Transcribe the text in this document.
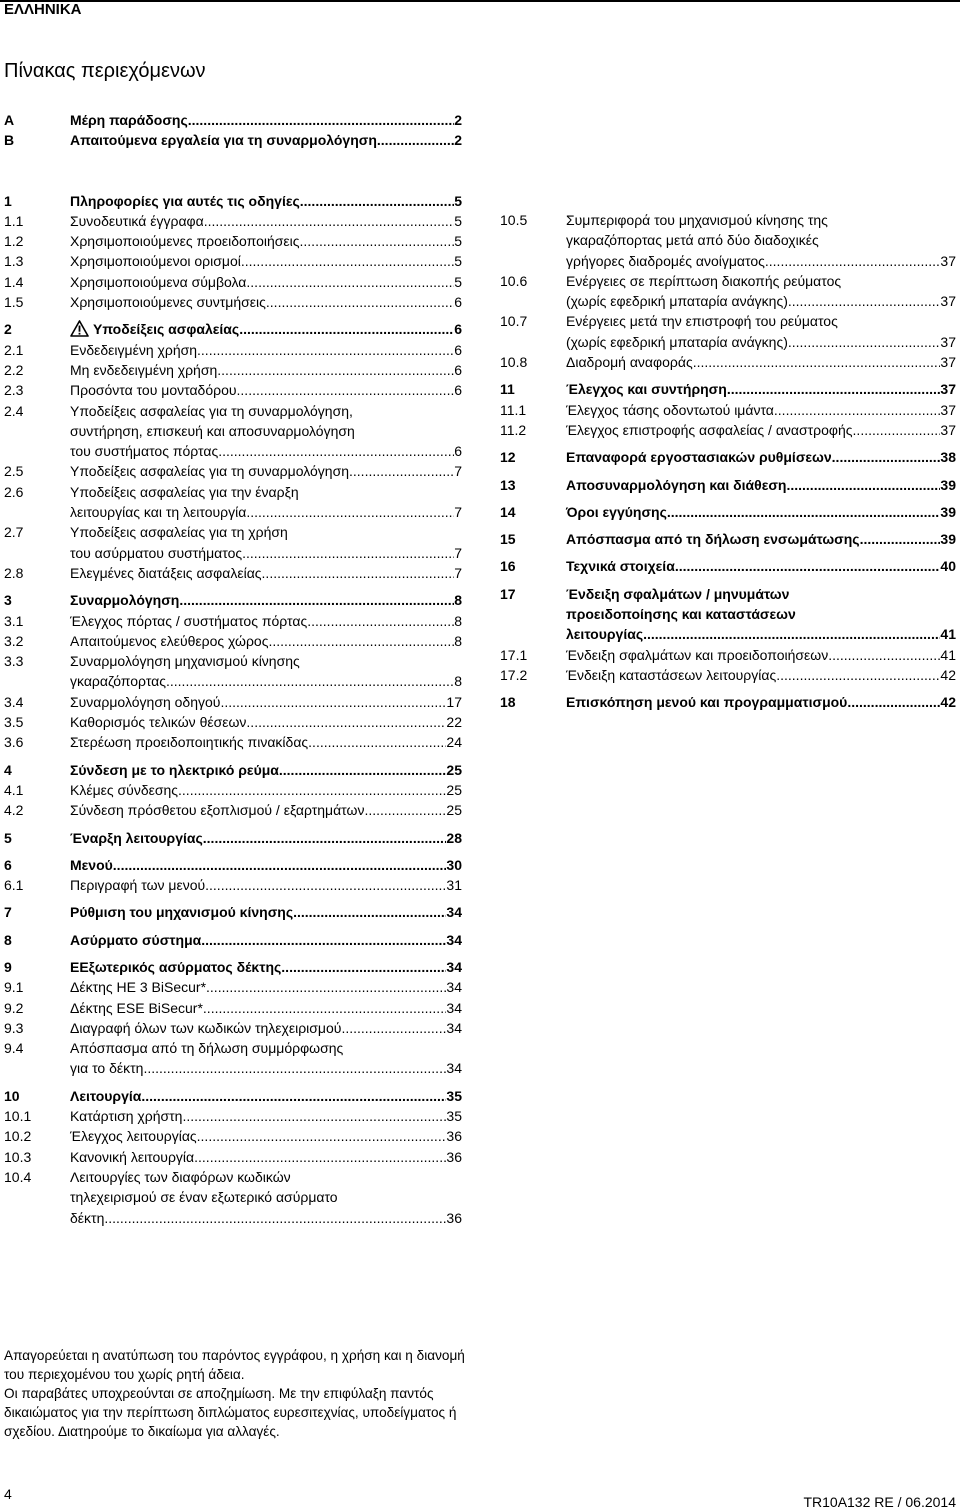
ΕΛΛΗΝΙΚΑ
Πίνακας περιεχόμενων
A	Μέρη παράδοσης .....	2
B	Απαιτούμενα εργαλεία για τη συναρμολόγηση .....	2
1	Πληροφορίες για αυτές τις οδηγίες .....	5
1.1	Συνοδευτικά έγγραφα .....	5
1.2	Χρησιμοποιούμενες προειδοποιήσεις .....	5
1.3	Χρησιμοποιούμενοι ορισμοί. .....	5
1.4	Χρησιμοποιούμενα σύμβολα .....	5
1.5	Χρησιμοποιούμενες συντμήσεις .....	6
2	Υποδείξεις ασφαλείας .....	6
2.1	Ενδεδειγμένη χρήση .....	6
2.2	Μη ενδεδειγμένη χρήση .....	6
2.3	Προσόντα του μονταδόρου .....	6
2.4	Υποδείξεις ασφαλείας για τη συναρμολόγηση,
συντήρηση, επισκευή και αποσυναρμολόγηση
του συστήματος πόρτας .....	6
2.5	Υποδείξεις ασφαλείας για τη συναρμολόγηση .....	7
2.6	Υποδείξεις ασφαλείας για την έναρξη
λειτουργίας και τη λειτουργία .....	7
2.7	Υποδείξεις ασφαλείας για τη χρήση
του ασύρματου συστήματος .....	7
2.8	Ελεγμένες διατάξεις ασφαλείας .....	7
3	Συναρμολόγηση .....	8
3.1	Έλεγχος πόρτας / συστήματος πόρτας .....	8
3.2	Απαιτούμενος ελεύθερος χώρος .....	8
3.3	Συναρμολόγηση μηχανισμού κίνησης
γκαραζόπορτας .....	8
3.4	Συναρμολόγηση οδηγού .....	17
3.5	Καθορισμός τελικών θέσεων .....	22
3.6	Στερέωση προειδοποιητικής πινακίδας .....	24
4	Σύνδεση με το ηλεκτρικό ρεύμα .....	25
4.1	Κλέμες σύνδεσης .....	25
4.2	Σύνδεση πρόσθετου εξοπλισμού / εξαρτημάτων .....	25
5	Έναρξη λειτουργίας .....	28
6	Μενού .....	30
6.1	Περιγραφή των μενού .....	31
7	Ρύθμιση του μηχανισμού κίνησης .....	34
8	Ασύρματο σύστημα .....	34
9	ΕΕξωτερικός ασύρματος δέκτης .....	34
9.1	Δέκτης ΗΕ 3 BiSecur* .....	34
9.2	Δέκτης ESE BiSecur* .....	34
9.3	Διαγραφή όλων των κωδικών τηλεχειρισμού. .....	34
9.4	Απόσπασμα από τη δήλωση συμμόρφωσης
για το δέκτη .....	34
10	Λειτουργία .....	35
10.1	Κατάρτιση χρήστη .....	35
10.2	Έλεγχος λειτουργίας .....	36
10.3	Κανονική λειτουργία .....	36
10.4	Λειτουργίες των διαφόρων κωδικών
τηλεχειρισμού σε έναν εξωτερικό ασύρματο
δέκτη .....	36
10.5	Συμπεριφορά του μηχανισμού κίνησης της
γκαραζόπορτας μετά από δύο διαδοχικές
γρήγορες διαδρομές ανοίγματος .....	37
10.6	Ενέργειες σε περίπτωση διακοπής ρεύματος
(χωρίς εφεδρική μπαταρία ανάγκης) .....	37
10.7	Ενέργειες μετά την επιστροφή του ρεύματος
(χωρίς εφεδρική μπαταρία ανάγκης) .....	37
10.8	Διαδρομή αναφοράς .....	37
11	Έλεγχος και συντήρηση .....	37
11.1	Έλεγχος τάσης οδοντωτού ιμάντα .....	37
11.2	Έλεγχος επιστροφής ασφαλείας / αναστροφής .....	37
12	Επαναφορά εργοστασιακών ρυθμίσεων .....	38
13	Αποσυναρμολόγηση και διάθεση .....	39
14	Όροι εγγύησης .....	39
15	Απόσπασμα από τη δήλωση ενσωμάτωσης .....	39
16	Τεχνικά στοιχεία .....	40
17	Ένδειξη σφαλμάτων / μηνυμάτων
προειδοποίησης και καταστάσεων
λειτουργίας .....	41
17.1	Ένδειξη σφαλμάτων και προειδοποιήσεων .....	41
17.2	Ένδειξη καταστάσεων λειτουργίας .....	42
18	Επισκόπηση μενού και προγραμματισμού .....	42

Απαγορεύεται η ανατύπωση του παρόντος εγγράφου, η χρήση και η διανομή του περιεχομένου του χωρίς ρητή άδεια.

Οι παραβάτες υποχρεούνται σε αποζημίωση. Με την επιφύλαξη παντός δικαιώματος για την περίπτωση διπλώματος ευρεσιτεχνίας, υποδείγματος ή σχεδίου. Διατηρούμε το δικαίωμα για αλλαγές.

4	TR10A132 RE / 06.2014
